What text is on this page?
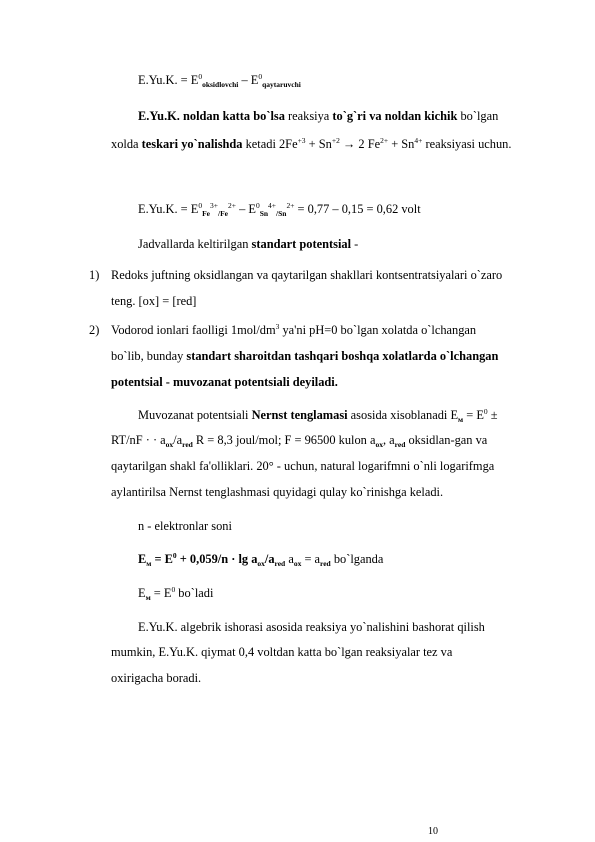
E.Yu.K. = $E^0_{oksidlovchi} - E^0_{qaytaruvchi}$
E.Yu.K. noldan katta bo`lsa reaksiya to`g`ri va noldan kichik bo`lgan
xolda teskari yo`nalishda ketadi $2Fe^{+3} + Sn^{+2} \to 2$ $Fe^{2+} + Sn^{4+}$ reaksiyasi uchun.
E.Yu.K. = $E^0_{Fe}^{3+}_{/Fe}^{2+} - E^0_{Sn}^{4+}_{/Sn}^{2+} = 0,77 - 0,15 = 0,62$ volt
Jadvallarda keltirilgan standart potentsial -
1) Redoks juftning oksidlangan va qaytarilgan shakllari kontsentratsiyalari o`zaro
teng. [ox] = [red]
2) Vodorod ionlari faolligi $1mol/dm^3$ ya'ni pH=0 bo`lgan xolatda o`lchangan
bo`lib, bunday standart sharoitdan tashqari boshqa xolatlarda o`lchangan
potentsial - muvozanat potentsiali deyiladi.
Muvozanat potentsiali Nernst tenglamasi asosida xisoblanadi $E_м = E^0$ ±
RT/nF · · $a_{ox}/a_{red}$ R = 8,3 joul/mol; F = 96500 kulon $a_{ox}$, $a_{red}$ oksidlan-gan va
qaytarilgan shakl fa'olliklari. 20° - uchun, natural logarifmni o`nli logarifmga
aylantirilsa Nernst tenglashmasi quyidagi qulay ko`rinishga keladi.
n - elektronlar soni
$E_м = E^0 + 0,059/n \cdot \lg a_{ox}/a_{red}$ $a_{ox} = a_{red}$ bo`lganda
$E_м = E^0$ bo`ladi
E.Yu.K. algebrik ishorasi asosida reaksiya yo`nalishini bashorat qilish
mumkin, E.Yu.K. qiymat 0,4 voltdan katta bo`lgan reaksiyalar tez va
oxirigacha boradi.
10
